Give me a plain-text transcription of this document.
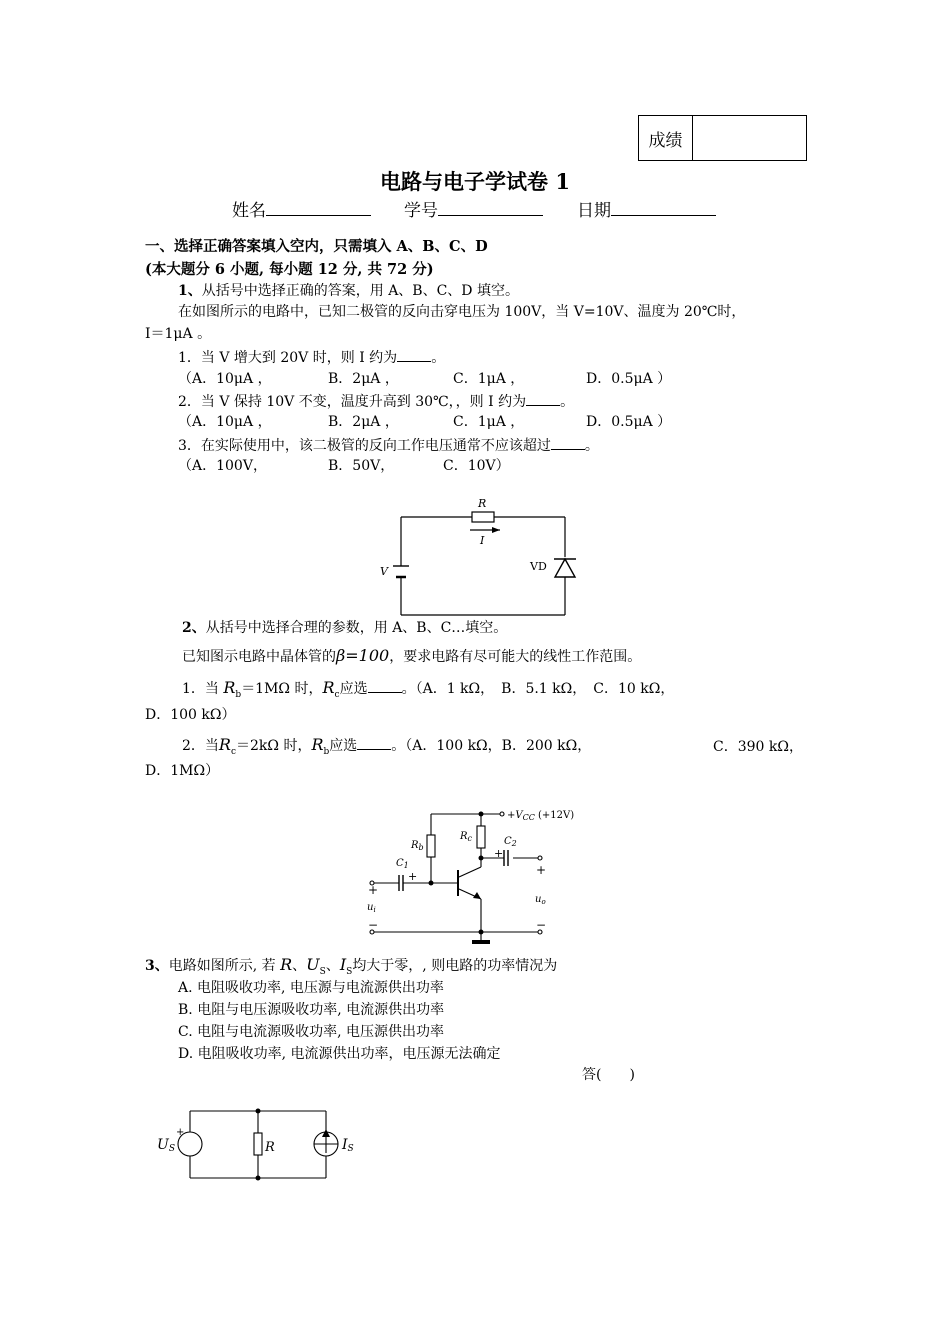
成绩
电路与电子学试卷 1
姓名	学号	日期
一、选择正确答案填入空内，只需填入 A、B、C、D
(本大题分 6 小题, 每小题 12 分, 共 72 分)
1、从括号中选择正确的答案，用 A、B、C、D 填空。
在如图所示的电路中，已知二极管的反向击穿电压为 100V，当 V=10V、温度为 20℃时，
I＝1μA 。
1．当 V 增大到 20V 时，则 I 约为 。
（A．10μA ，	B．2μA ，	C．1μA ，	D．0.5μA ）
2．当 V 保持 10V 不变，温度升高到 30℃，，则 I 约为 。
（A．10μA ，	B．2μA ，	C．1μA ，	D．0.5μA ）
3．在实际使用中，该二极管的反向工作电压通常不应该超过 。
（A．100V，	B．50V，	C．10V）
R
I
V	VD
2、从括号中选择合理的参数，用 A、B、C…填空。
已知图示电路中晶体管的β=100，要求电路有尽可能大的线性工作范围。
1．当 $R_b=1M\Omega$ 时，$R_c$应选 。（A．1 kΩ，　B．5.1 kΩ，　C．10 kΩ，
D．100 kΩ）
2．当$R_c=2k\Omega$ 时，$R_b$应选 。（A．100 kΩ，B．200 kΩ，	C．390 kΩ，
D．1MΩ）
$+V_{CC}$ (+12V)
$R_b$
$R_c$
$C_1$
$C_2$
+
+
+
−
+
−
$u_i$
$u_o$
3、电路如图所示, 若 R、$U_S$、$I_S$均大于零，, 则电路的功率情况为
A. 电阻吸收功率, 电压源与电流源供出功率
B. 电阻与电压源吸收功率, 电流源供出功率
C. 电阻与电流源吸收功率, 电压源供出功率
D. 电阻吸收功率, 电流源供出功率，电压源无法确定
答(　　)
+
US	R	IS
